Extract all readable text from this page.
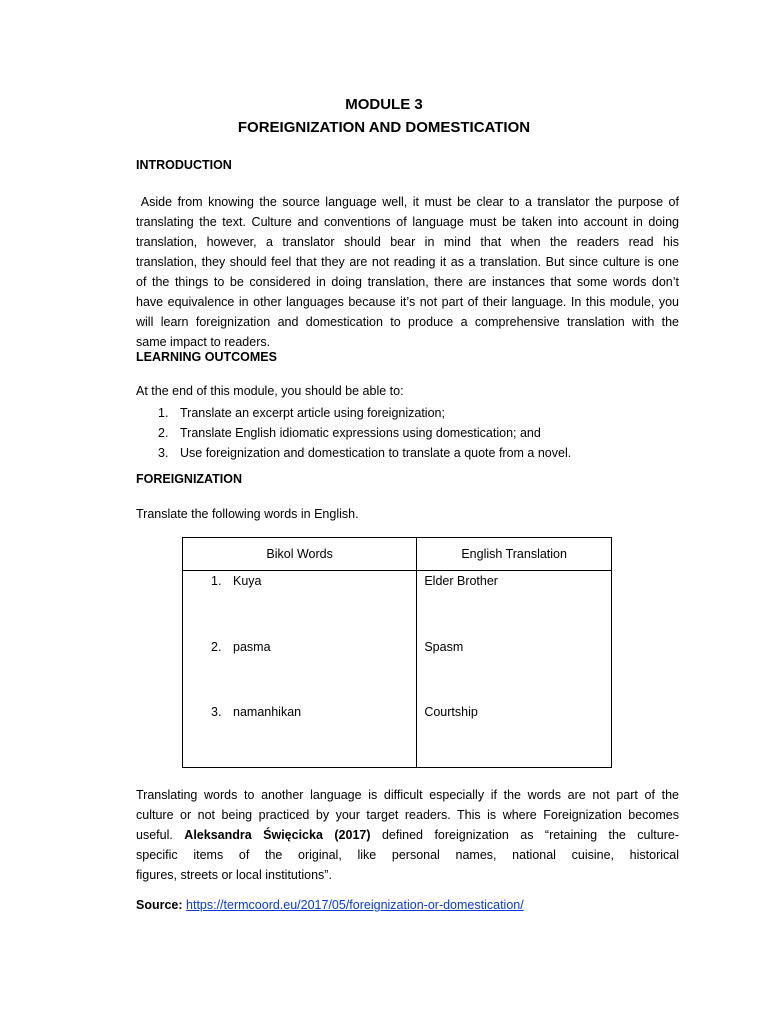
MODULE 3
FOREIGNIZATION AND DOMESTICATION
INTRODUCTION
Aside from knowing the source language well, it must be clear to a translator the purpose of
translating the text. Culture and conventions of language must be taken into account in doing
translation, however, a translator should bear in mind that when the readers read his
translation, they should feel that they are not reading it as a translation. But since culture is one
of the things to be considered in doing translation, there are instances that some words don’t
have equivalence in other languages because it’s not part of their language. In this module, you
will learn foreignization and domestication to produce a comprehensive translation with the
same impact to readers.
LEARNING OUTCOMES
At the end of this module, you should be able to:
1. Translate an excerpt article using foreignization;
2. Translate English idiomatic expressions using domestication; and
3. Use foreignization and domestication to translate a quote from a novel.
FOREIGNIZATION
Translate the following words in English.
Bikol Words	English Translation
1. Kuya	Elder Brother
2. pasma	Spasm
3. namanhikan	Courtship
Translating words to another language is difficult especially if the words are not part of the
culture or not being practiced by your target readers. This is where Foreignization becomes
useful. Aleksandra Święcicka (2017) defined foreignization as “retaining the culture-
specific items of the original, like personal names, national cuisine, historical
figures, streets or local institutions”.
Source: https://termcoord.eu/2017/05/foreignization-or-domestication/
